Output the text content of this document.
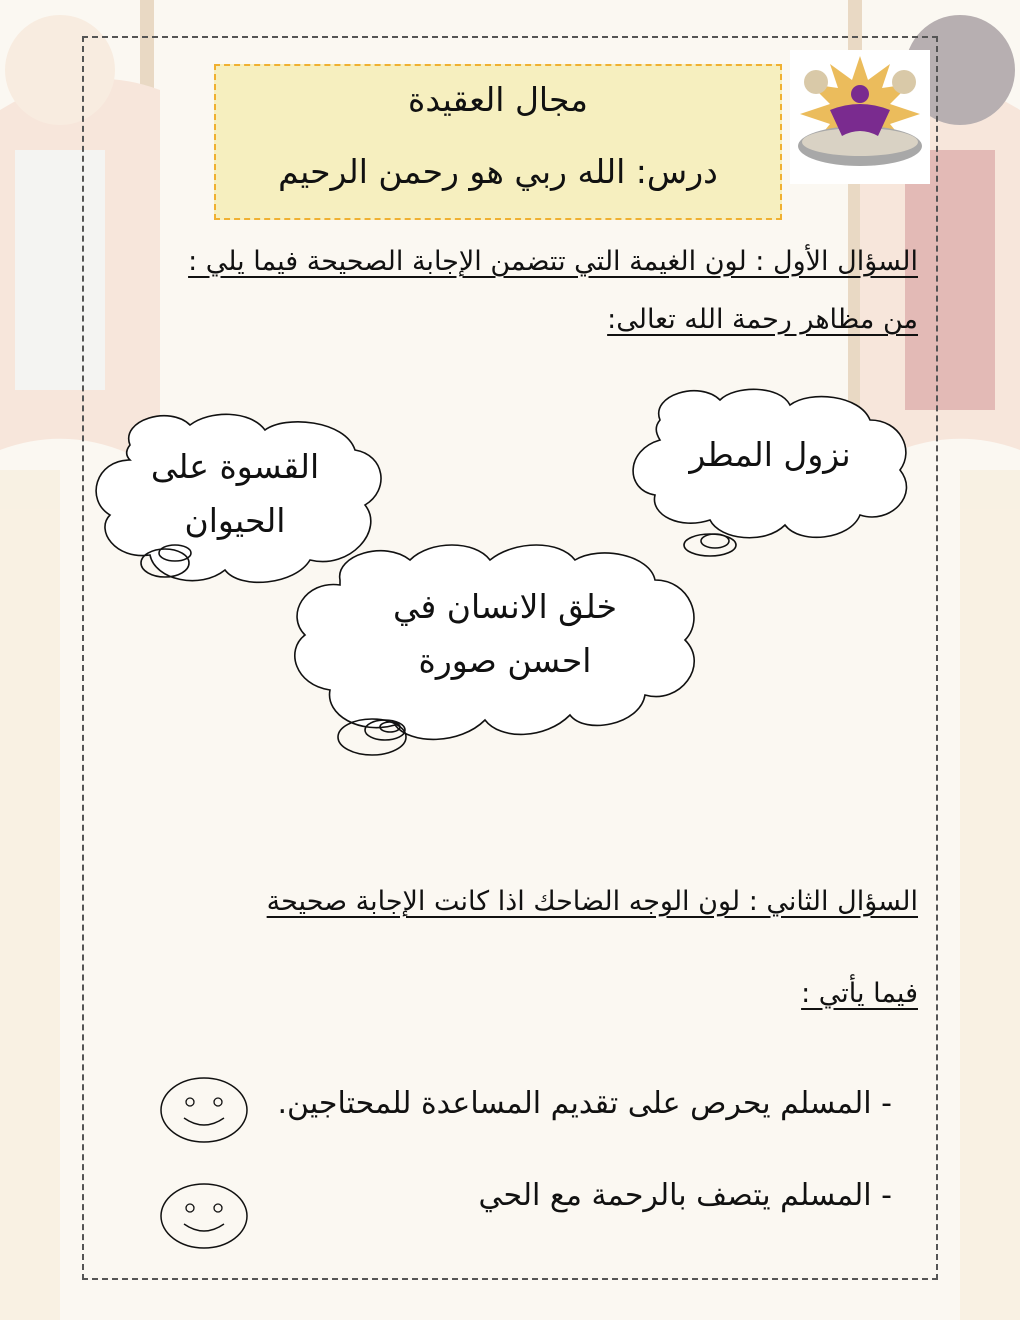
مجال العقيدة
درس: الله ربي هو رحمن الرحيم
السؤال الأول : لون الغيمة التي تتضمن الإجابة الصحيحة فيما يلي :
من مظاهر رحمة الله تعالى:
نزول المطر
القسوة على
الحيوان
خلق الانسان في
احسن صورة
السؤال الثاني : لون الوجه الضاحك اذا كانت الإجابة صحيحة
فيما يأتي :
- المسلم يحرص على تقديم المساعدة للمحتاجين.
- المسلم يتصف بالرحمة مع الحي
